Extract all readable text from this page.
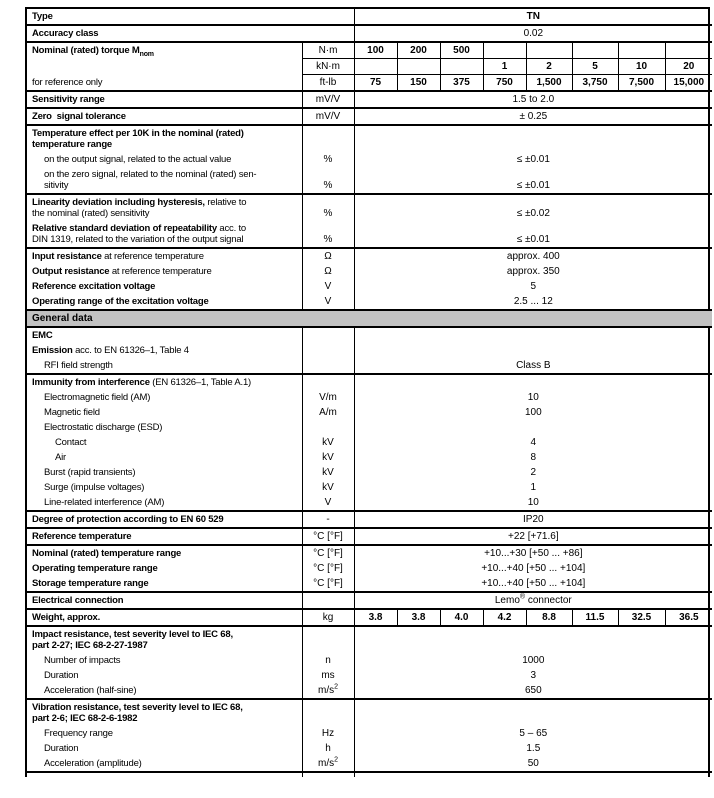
Type		TN							
Accuracy class		0.02							
Nominal (rated) torque $M_{nom}$
for reference only	N·m	100	200	500					
	kN·m				1	2	5	10	20
	ft-lb	75	150	375	750	1,500	3,750	7,500	15,000
Sensitivity range	mV/V	1.5 to 2.0							
Zero  signal tolerance	mV/V	± 0.25							
Temperature effect per 10K in the nominal (rated)
temperature range									
on the output signal, related to the actual value	%	≤ ±0.01							
on the zero signal, related to the nominal (rated) sen-
sitivity	%	≤ ±0.01							
Linearity deviation including hysteresis, relative to
the nominal (rated) sensitivity	%	≤ ±0.02							
Relative standard deviation of repeatability acc. to
DIN 1319, related to the variation of the output signal	%	≤ ±0.01							
Input resistance at reference temperature	Ω	approx. 400							
Output resistance at reference temperature	Ω	approx. 350							
Reference excitation voltage	V	5							
Operating range of the excitation voltage	V	2.5 ... 12							
General data									
EMC									
Emission acc. to EN 61326–1, Table 4									
RFI field strength		Class B							
Immunity from interference (EN 61326–1, Table A.1)									
Electromagnetic field (AM)	V/m	10							
Magnetic field	A/m	100							
Electrostatic discharge (ESD)									
Contact	kV	4							
Air	kV	8							
Burst (rapid transients)	kV	2							
Surge (impulse voltages)	kV	1							
Line-related interference (AM)	V	10							
Degree of protection according to EN 60 529	-	IP20							
Reference temperature	°C [°F]	+22 [+71.6]							
Nominal (rated) temperature range	°C [°F]	+10...+30 [+50 ... +86]							
Operating temperature range	°C [°F]	+10...+40 [+50 ... +104]							
Storage temperature range	°C [°F]	+10...+40 [+50 ... +104]							
Electrical connection		Lemo® connector							
Weight, approx.	kg	3.8	3.8	4.0	4.2	8.8	11.5	32.5	36.5
Impact resistance, test severity level to IEC 68,
part 2-27; IEC 68-2-27-1987									
Number of impacts	n	1000							
Duration	ms	3							
Acceleration (half-sine)	$m/s^2$	650							
Vibration resistance, test severity level to IEC 68,
part 2-6; IEC 68-2-6-1982									
Frequency range	Hz	5 – 65							
Duration	h	1.5							
Acceleration (amplitude)	$m/s^2$	50							
